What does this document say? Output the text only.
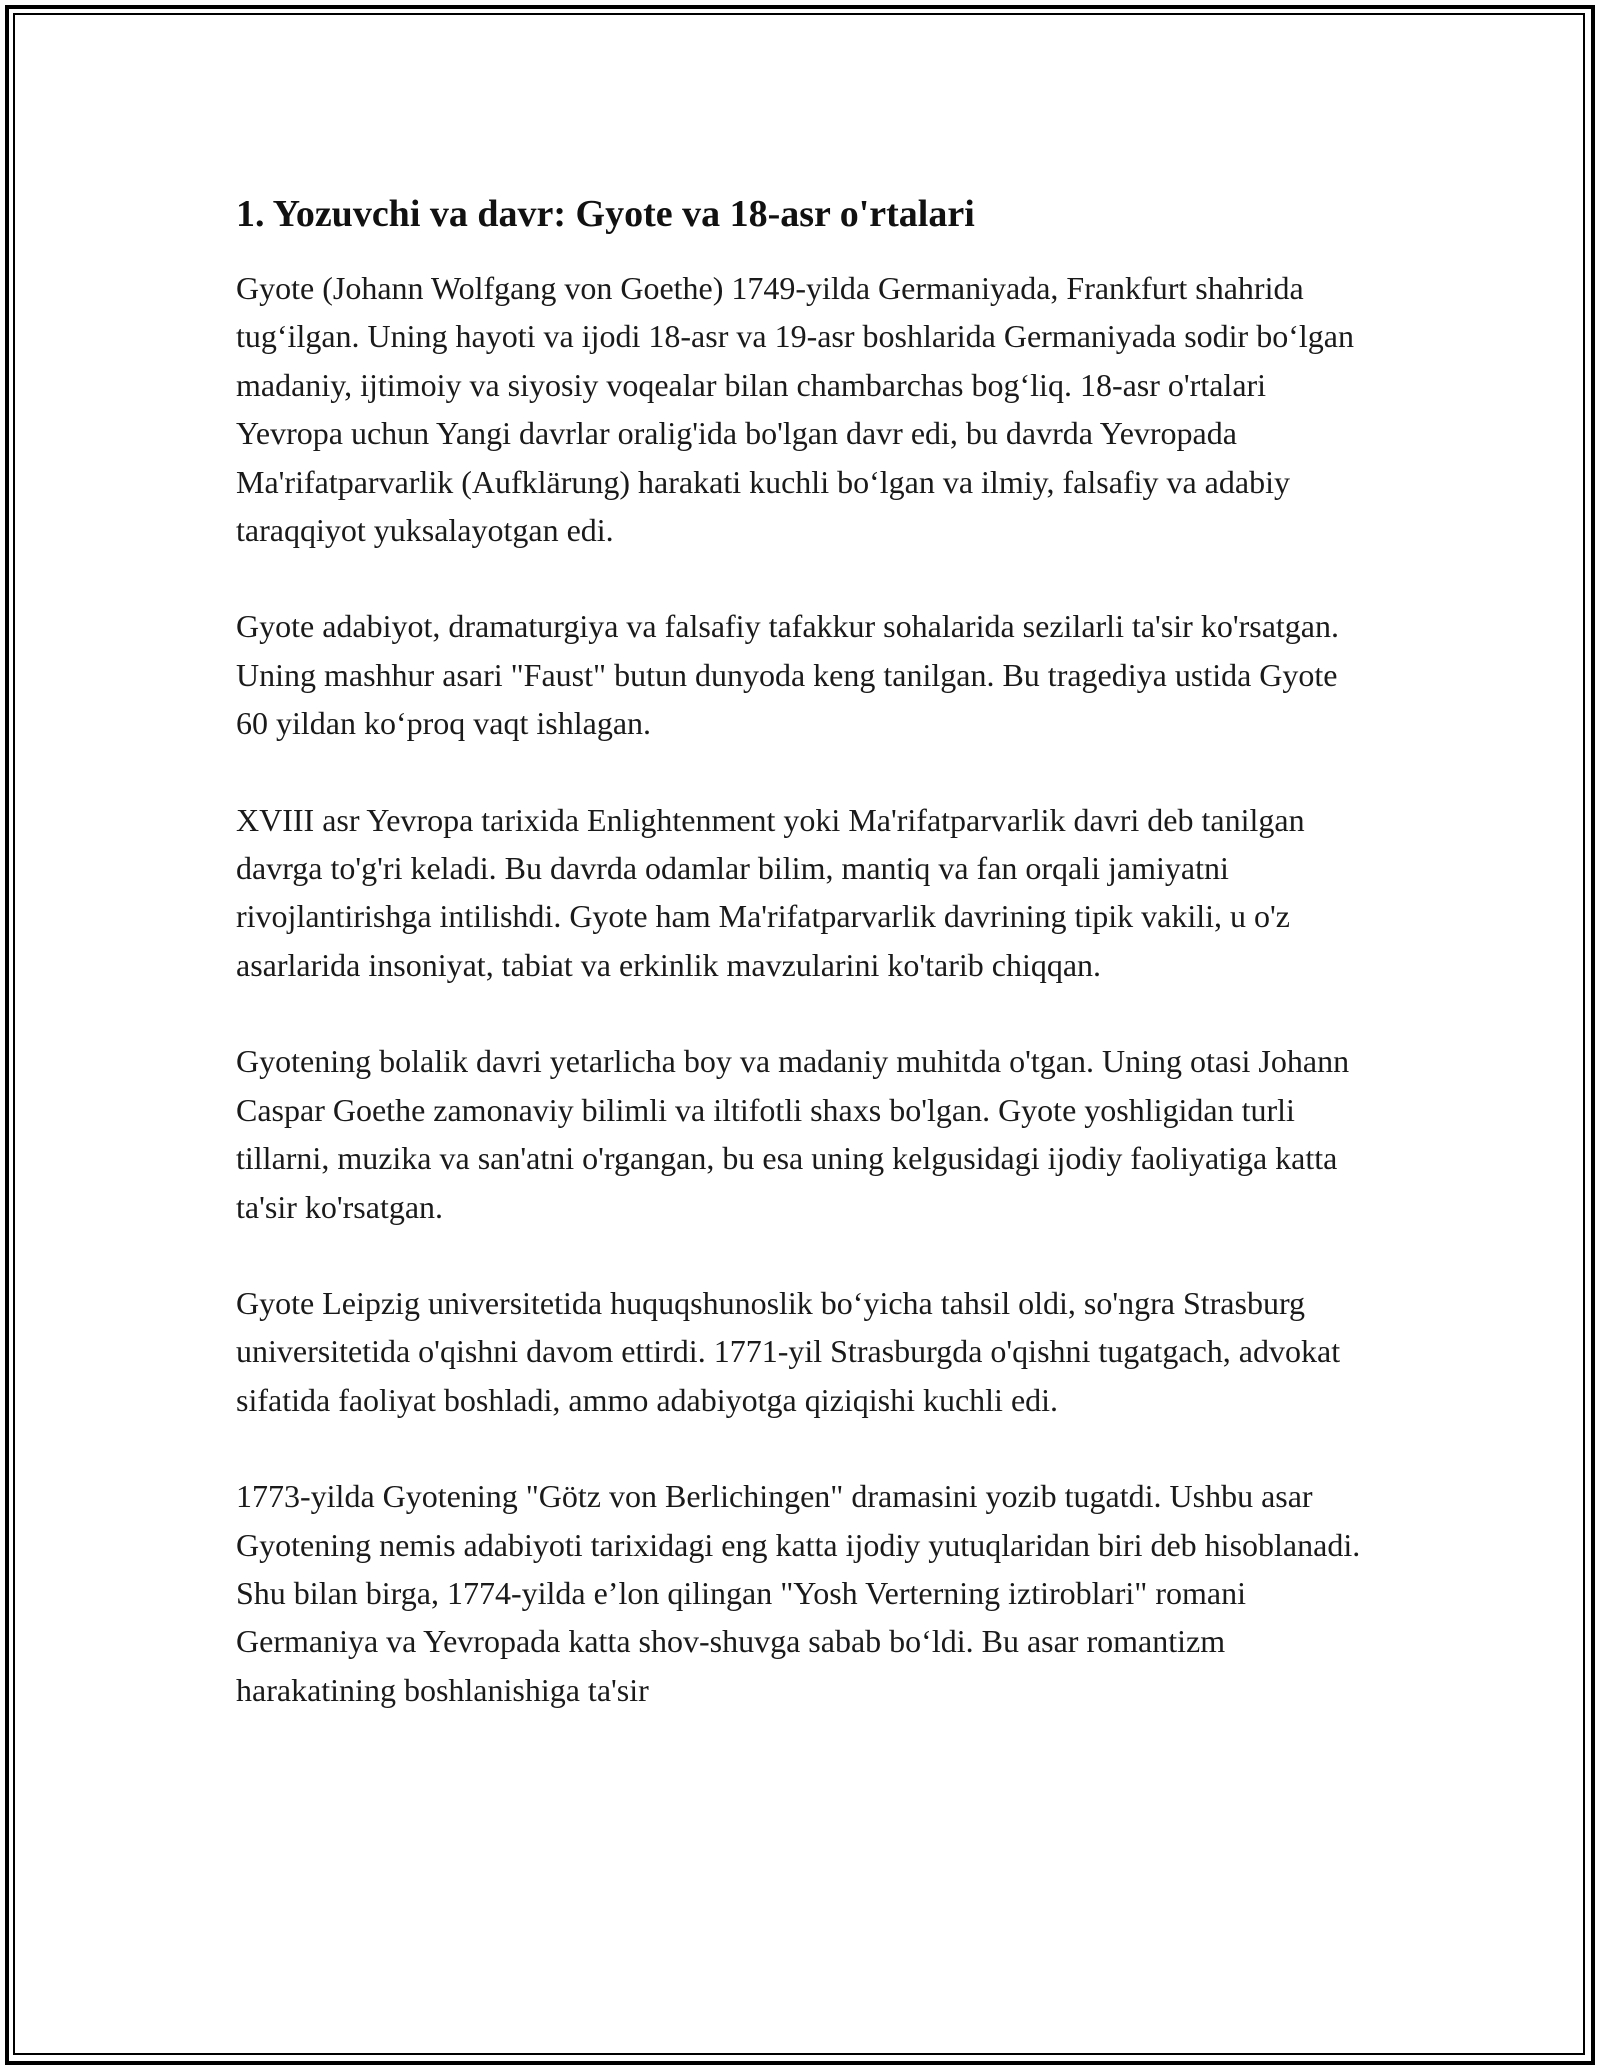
1. Yozuvchi va davr: Gyote va 18-asr o'rtalari

Gyote (Johann Wolfgang von Goethe) 1749-yilda Germaniyada, Frankfurt shahrida tug‘ilgan. Uning hayoti va ijodi 18-asr va 19-asr boshlarida Germaniyada sodir bo‘lgan madaniy, ijtimoiy va siyosiy voqealar bilan chambarchas bog‘liq. 18-asr o'rtalari Yevropa uchun Yangi davrlar oralig'ida bo'lgan davr edi, bu davrda Yevropada Ma'rifatparvarlik (Aufklärung) harakati kuchli bo‘lgan va ilmiy, falsafiy va adabiy taraqqiyot yuksalayotgan edi.

Gyote adabiyot, dramaturgiya va falsafiy tafakkur sohalarida sezilarli ta'sir ko'rsatgan. Uning mashhur asari "Faust" butun dunyoda keng tanilgan. Bu tragediya ustida Gyote 60 yildan ko‘proq vaqt ishlagan.

XVIII asr Yevropa tarixida Enlightenment yoki Ma'rifatparvarlik davri deb tanilgan davrga to'g'ri keladi. Bu davrda odamlar bilim, mantiq va fan orqali jamiyatni rivojlantirishga intilishdi. Gyote ham Ma'rifatparvarlik davrining tipik vakili, u o'z asarlarida insoniyat, tabiat va erkinlik mavzularini ko'tarib chiqqan.

Gyotening bolalik davri yetarlicha boy va madaniy muhitda o'tgan. Uning otasi Johann Caspar Goethe zamonaviy bilimli va iltifotli shaxs bo'lgan. Gyote yoshligidan turli tillarni, muzika va san'atni o'rgangan, bu esa uning kelgusidagi ijodiy faoliyatiga katta ta'sir ko'rsatgan.

Gyote Leipzig universitetida huquqshunoslik bo‘yicha tahsil oldi, so'ngra Strasburg universitetida o'qishni davom ettirdi. 1771-yil Strasburgda o'qishni tugatgach, advokat sifatida faoliyat boshladi, ammo adabiyotga qiziqishi kuchli edi.

1773-yilda Gyotening "Götz von Berlichingen" dramasini yozib tugatdi. Ushbu asar Gyotening nemis adabiyoti tarixidagi eng katta ijodiy yutuqlaridan biri deb hisoblanadi. Shu bilan birga, 1774-yilda e’lon qilingan "Yosh Verterning iztiroblari" romani Germaniya va Yevropada katta shov-shuvga sabab bo‘ldi. Bu asar romantizm harakatining boshlanishiga ta'sir
